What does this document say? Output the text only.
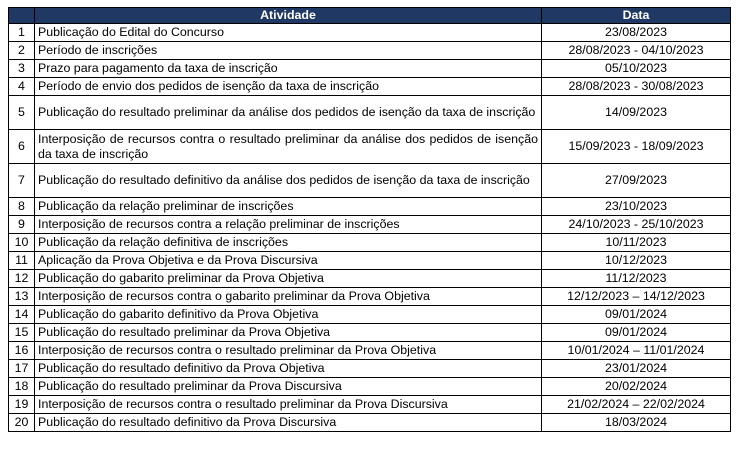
	Atividade	Data
1	Publicação do Edital do Concurso	23/08/2023
2	Período de inscrições	28/08/2023 - 04/10/2023
3	Prazo para pagamento da taxa de inscrição	05/10/2023
4	Período de envio dos pedidos de isenção da taxa de inscrição	28/08/2023 - 30/08/2023
5	Publicação do resultado preliminar da análise dos pedidos de isenção da taxa de inscrição	14/09/2023
6	Interposição de recursos contra o resultado preliminar da análise dos pedidos de isenção da taxa de inscrição	15/09/2023 - 18/09/2023
7	Publicação do resultado definitivo da análise dos pedidos de isenção da taxa de inscrição	27/09/2023
8	Publicação da relação preliminar de inscrições	23/10/2023
9	Interposição de recursos contra a relação preliminar de inscrições	24/10/2023 - 25/10/2023
10	Publicação da relação definitiva de inscrições	10/11/2023
11	Aplicação da Prova Objetiva e da Prova Discursiva	10/12/2023
12	Publicação do gabarito preliminar da Prova Objetiva	11/12/2023
13	Interposição de recursos contra o gabarito preliminar da Prova Objetiva	12/12/2023 – 14/12/2023
14	Publicação do gabarito definitivo da Prova Objetiva	09/01/2024
15	Publicação do resultado preliminar da Prova Objetiva	09/01/2024
16	Interposição de recursos contra o resultado preliminar da Prova Objetiva	10/01/2024 – 11/01/2024
17	Publicação do resultado definitivo da Prova Objetiva	23/01/2024
18	Publicação do resultado preliminar da Prova Discursiva	20/02/2024
19	Interposição de recursos contra o resultado preliminar da Prova Discursiva	21/02/2024 – 22/02/2024
20	Publicação do resultado definitivo da Prova Discursiva	18/03/2024
